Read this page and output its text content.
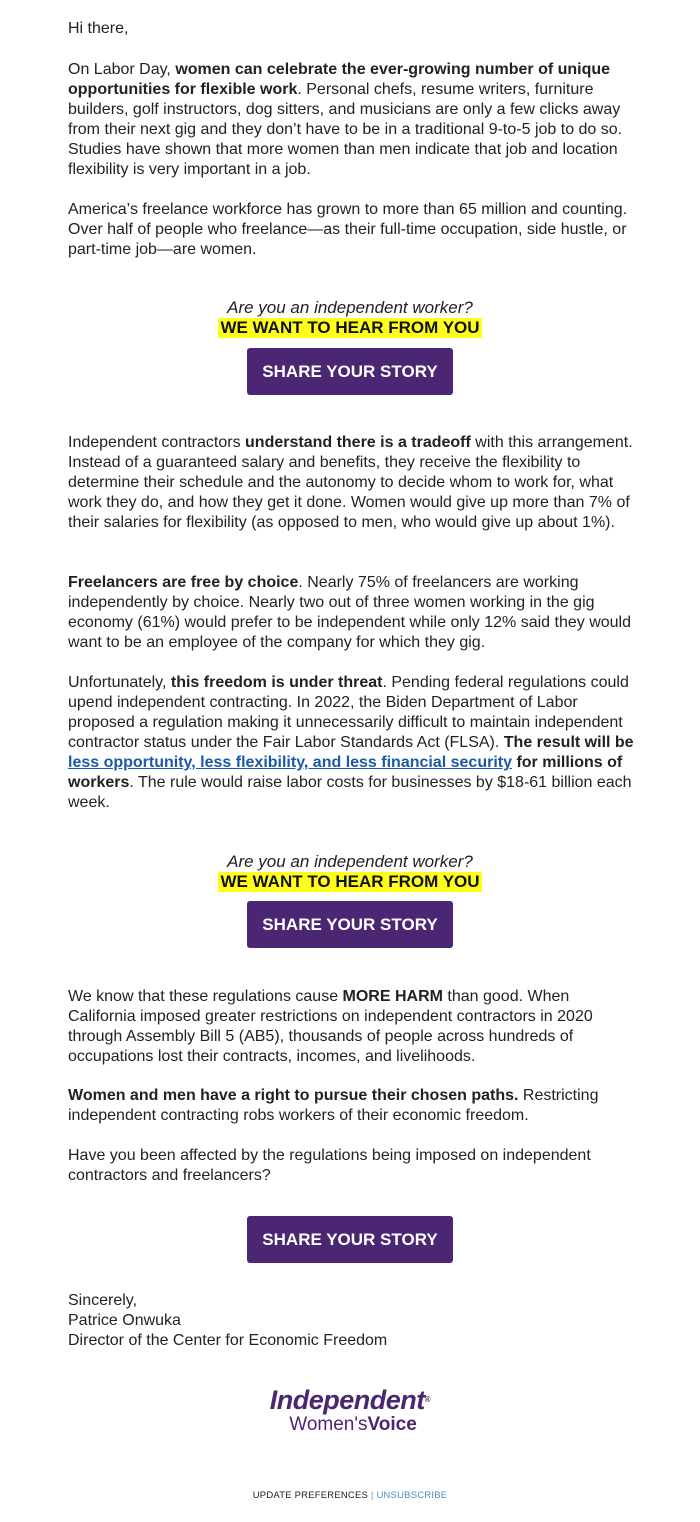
Hi there,

On Labor Day, women can celebrate the ever-growing number of unique opportunities for flexible work. Personal chefs, resume writers, furniture builders, golf instructors, dog sitters, and musicians are only a few clicks away from their next gig and they don’t have to be in a traditional 9-to-5 job to do so. Studies have shown that more women than men indicate that job and location flexibility is very important in a job.

America’s freelance workforce has grown to more than 65 million and counting. Over half of people who freelance—as their full-time occupation, side hustle, or part-time job—are women.

Independent contractors understand there is a tradeoff with this arrangement. Instead of a guaranteed salary and benefits, they receive the flexibility to determine their schedule and the autonomy to decide whom to work for, what work they do, and how they get it done. Women would give up more than 7% of their salaries for flexibility (as opposed to men, who would give up about 1%).

Freelancers are free by choice. Nearly 75% of freelancers are working independently by choice. Nearly two out of three women working in the gig economy (61%) would prefer to be independent while only 12% said they would want to be an employee of the company for which they gig.

Unfortunately, this freedom is under threat. Pending federal regulations could upend independent contracting. In 2022, the Biden Department of Labor proposed a regulation making it unnecessarily difficult to maintain independent contractor status under the Fair Labor Standards Act (FLSA). The result will be less opportunity, less flexibility, and less financial security for millions of workers. The rule would raise labor costs for businesses by $18-61 billion each week.

We know that these regulations cause MORE HARM than good. When California imposed greater restrictions on independent contractors in 2020 through Assembly Bill 5 (AB5), thousands of people across hundreds of occupations lost their contracts, incomes, and livelihoods.

Women and men have a right to pursue their chosen paths. Restricting independent contracting robs workers of their economic freedom.

Have you been affected by the regulations being imposed on independent contractors and freelancers?

Sincerely,

Patrice Onwuka

Director of the Center for Economic Freedom

Are you an independent worker?
WE WANT TO HEAR FROM YOU
SHARE YOUR STORY
Are you an independent worker?
WE WANT TO HEAR FROM YOU
SHARE YOUR STORY
SHARE YOUR STORY
Independent®
Women'sVoice
UPDATE PREFERENCES | UNSUBSCRIBE
